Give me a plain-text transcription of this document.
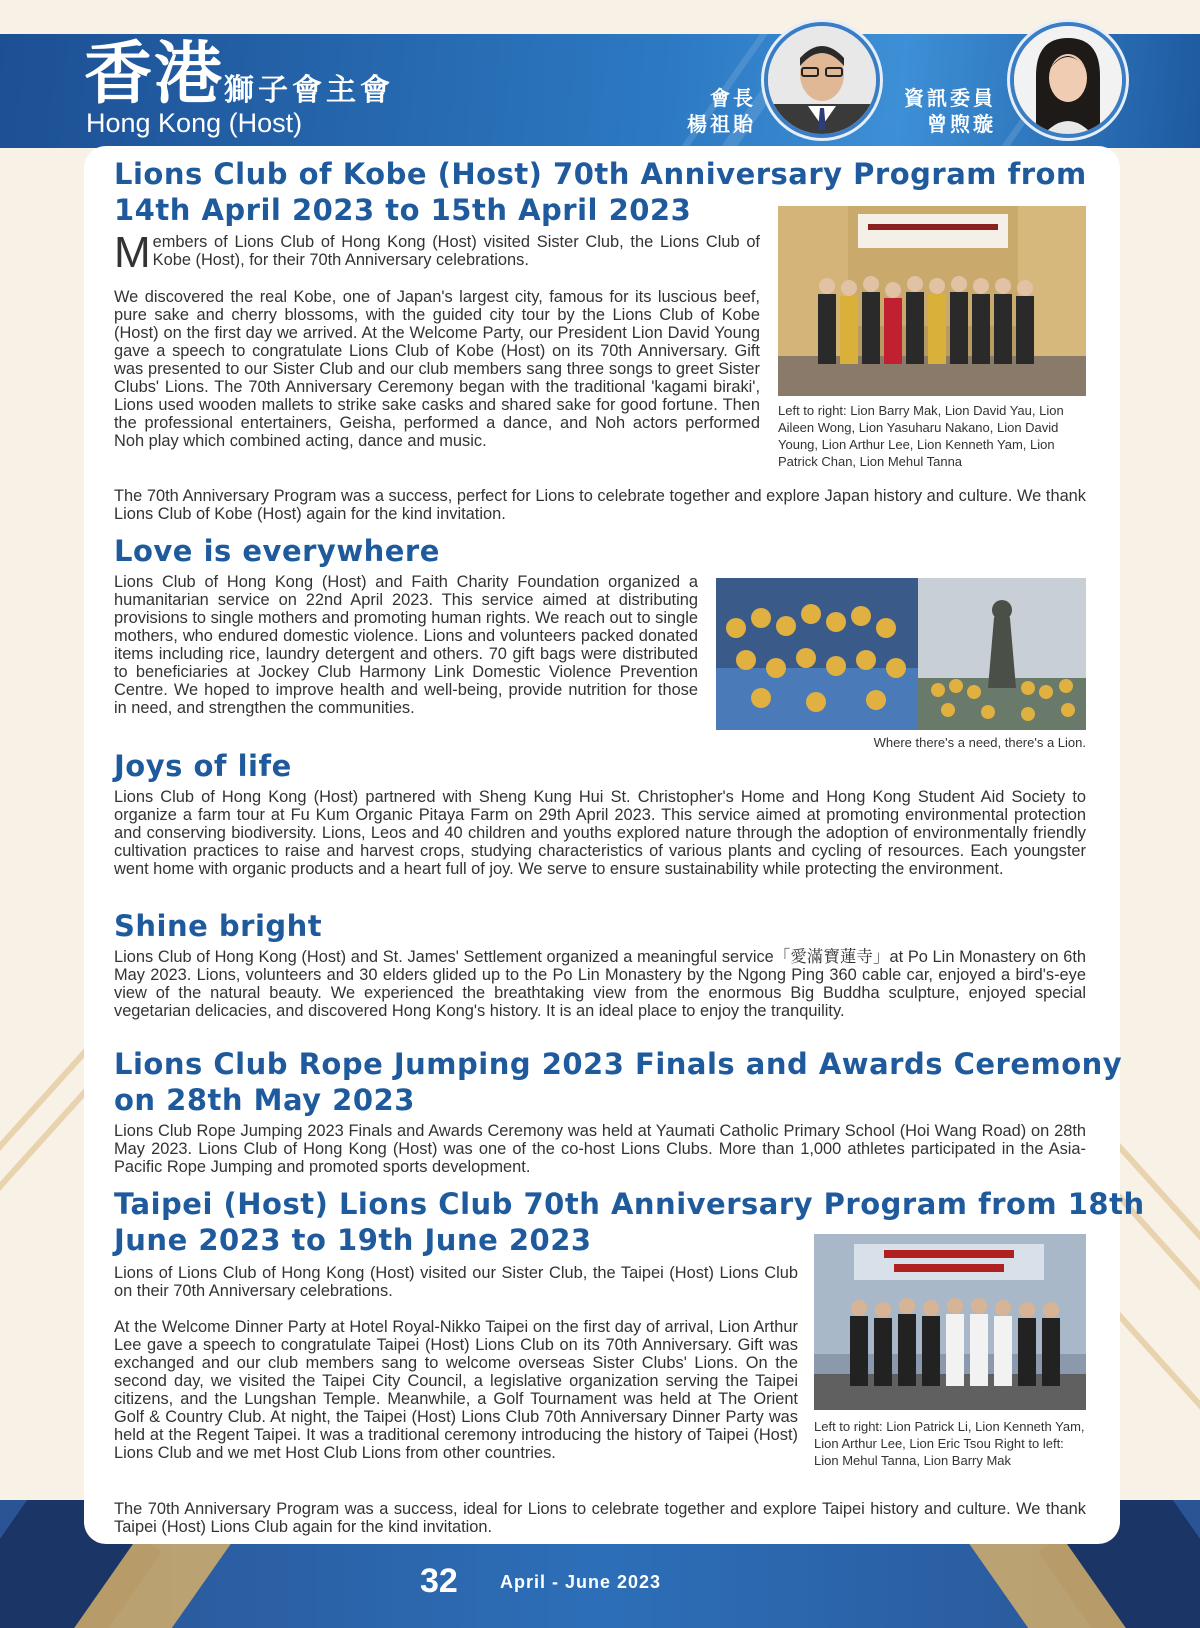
香港 獅子會主會
Hong Kong (Host)
會長
楊祖貽
資訊委員
曾煦璇
Lions Club of Kobe (Host) 70th Anniversary Program from
14th April 2023 to 15th April 2023
M embers of Lions Club of Hong Kong (Host) visited Sister Club, the Lions Club of Kobe (Host), for their 70th Anniversary celebrations.
We discovered the real Kobe, one of Japan's largest city, famous for its luscious beef, pure sake and cherry blossoms, with the guided city tour by the Lions Club of Kobe (Host) on the first day we arrived. At the Welcome Party, our President Lion David Young gave a speech to congratulate Lions Club of Kobe (Host) on its 70th Anniversary. Gift was presented to our Sister Club and our club members sang three songs to greet Sister Clubs' Lions. The 70th Anniversary Ceremony began with the traditional 'kagami biraki', Lions used wooden mallets to strike sake casks and shared sake for good fortune. Then the professional entertainers, Geisha, performed a dance, and Noh actors performed Noh play which combined acting, dance and music.
Left to right: Lion Barry Mak, Lion David Yau, Lion Aileen Wong, Lion Yasuharu Nakano, Lion David Young, Lion Arthur Lee, Lion Kenneth Yam, Lion Patrick Chan, Lion Mehul Tanna
The 70th Anniversary Program was a success, perfect for Lions to celebrate together and explore Japan history and culture. We thank Lions Club of Kobe (Host) again for the kind invitation.
Love is everywhere
Lions Club of Hong Kong (Host) and Faith Charity Foundation organized a humanitarian service on 22nd April 2023. This service aimed at distributing provisions to single mothers and promoting human rights. We reach out to single mothers, who endured domestic violence. Lions and volunteers packed donated items including rice, laundry detergent and others. 70 gift bags were distributed to beneficiaries at Jockey Club Harmony Link Domestic Violence Prevention Centre. We hoped to improve health and well-being, provide nutrition for those in need, and strengthen the communities.
Where there's a need, there's a Lion.
Joys of life
Lions Club of Hong Kong (Host) partnered with Sheng Kung Hui St. Christopher's Home and Hong Kong Student Aid Society to organize a farm tour at Fu Kum Organic Pitaya Farm on 29th April 2023. This service aimed at promoting environmental protection and conserving biodiversity. Lions, Leos and 40 children and youths explored nature through the adoption of environmentally friendly cultivation practices to raise and harvest crops, studying characteristics of various plants and cycling of resources. Each youngster went home with organic products and a heart full of joy. We serve to ensure sustainability while protecting the environment.
Shine bright
Lions Club of Hong Kong (Host) and St. James' Settlement organized a meaningful service「愛滿寶蓮寺」at Po Lin Monastery on 6th May 2023. Lions, volunteers and 30 elders glided up to the Po Lin Monastery by the Ngong Ping 360 cable car, enjoyed a bird's-eye view of the natural beauty. We experienced the breathtaking view from the enormous Big Buddha sculpture, enjoyed special vegetarian delicacies, and discovered Hong Kong's history. It is an ideal place to enjoy the tranquility.
Lions Club Rope Jumping 2023 Finals and Awards Ceremony
on 28th May 2023
Lions Club Rope Jumping 2023 Finals and Awards Ceremony was held at Yaumati Catholic Primary School (Hoi Wang Road) on 28th May 2023. Lions Club of Hong Kong (Host) was one of the co-host Lions Clubs. More than 1,000 athletes participated in the Asia-Pacific Rope Jumping and promoted sports development.
Taipei (Host) Lions Club 70th Anniversary Program from 18th
June 2023 to 19th June 2023
Lions of Lions Club of Hong Kong (Host) visited our Sister Club, the Taipei (Host) Lions Club on their 70th Anniversary celebrations.
At the Welcome Dinner Party at Hotel Royal-Nikko Taipei on the first day of arrival, Lion Arthur Lee gave a speech to congratulate Taipei (Host) Lions Club on its 70th Anniversary. Gift was exchanged and our club members sang to welcome overseas Sister Clubs' Lions. On the second day, we visited the Taipei City Council, a legislative organization serving the Taipei citizens, and the Lungshan Temple. Meanwhile, a Golf Tournament was held at The Orient Golf & Country Club. At night, the Taipei (Host) Lions Club 70th Anniversary Dinner Party was held at the Regent Taipei. It was a traditional ceremony introducing the history of Taipei (Host) Lions Club and we met Host Club Lions from other countries.
Left to right: Lion Patrick Li, Lion Kenneth Yam, Lion Arthur Lee, Lion Eric Tsou Right to left: Lion Mehul Tanna, Lion Barry Mak
The 70th Anniversary Program was a success, ideal for Lions to celebrate together and explore Taipei history and culture. We thank Taipei (Host) Lions Club again for the kind invitation.
32 April - June 2023
